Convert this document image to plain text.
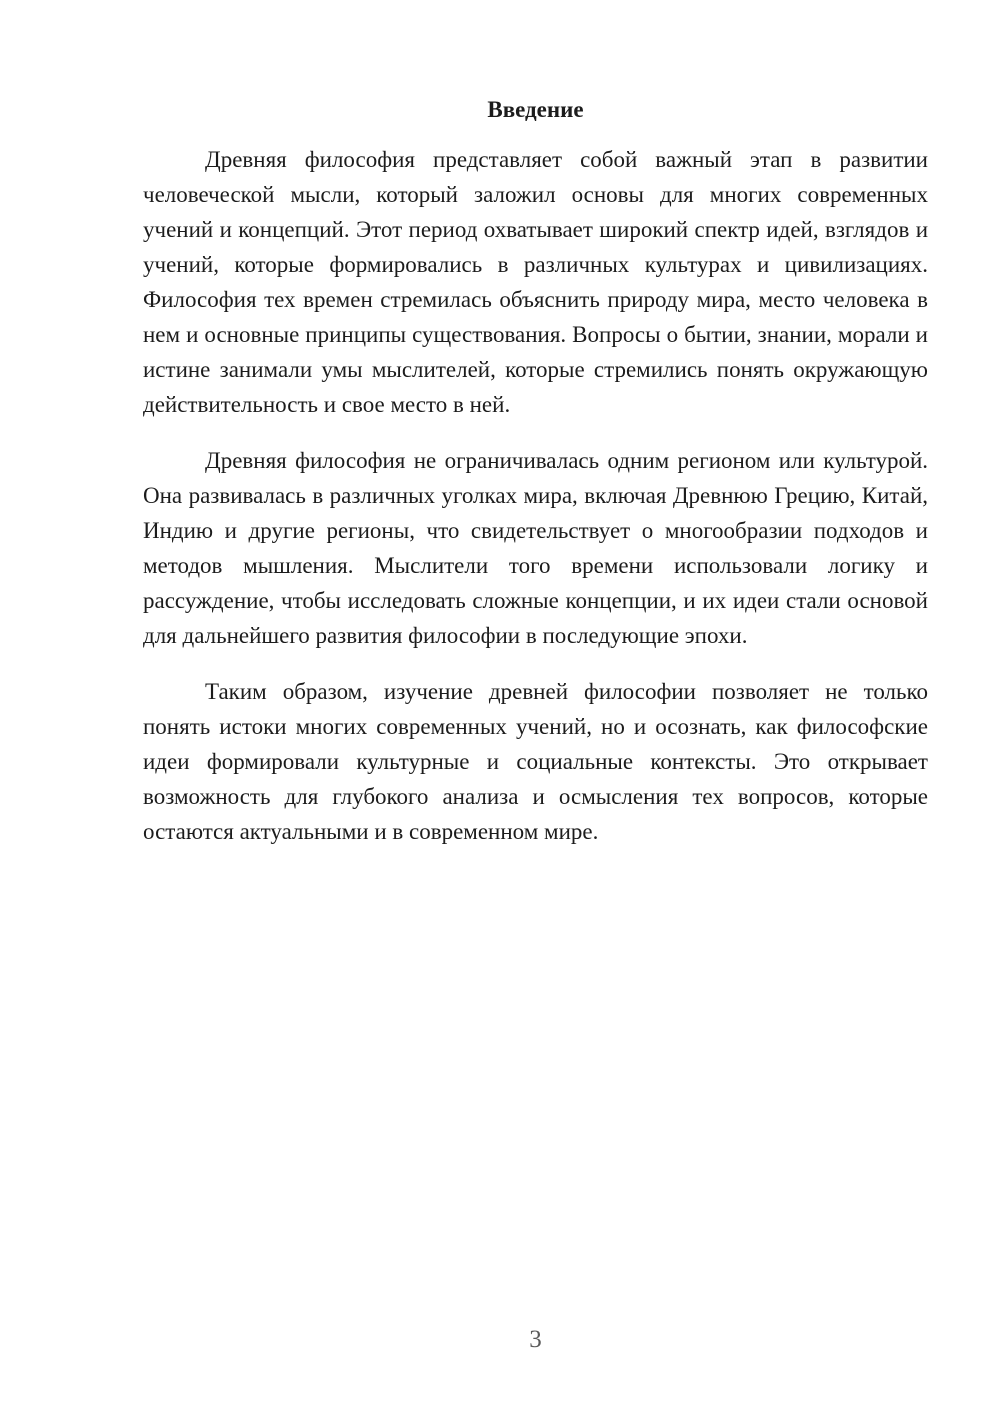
Введение

Древняя философия представляет собой важный этап в развитии человеческой мысли, который заложил основы для многих современных учений и концепций. Этот период охватывает широкий спектр идей, взглядов и учений, которые формировались в различных культурах и цивилизациях. Философия тех времен стремилась объяснить природу мира, место человека в нем и основные принципы существования. Вопросы о бытии, знании, морали и истине занимали умы мыслителей, которые стремились понять окружающую действительность и свое место в ней.

Древняя философия не ограничивалась одним регионом или культурой. Она развивалась в различных уголках мира, включая Древнюю Грецию, Китай, Индию и другие регионы, что свидетельствует о многообразии подходов и методов мышления. Мыслители того времени использовали логику и рассуждение, чтобы исследовать сложные концепции, и их идеи стали основой для дальнейшего развития философии в последующие эпохи.

Таким образом, изучение древней философии позволяет не только понять истоки многих современных учений, но и осознать, как философские идеи формировали культурные и социальные контексты. Это открывает возможность для глубокого анализа и осмысления тех вопросов, которые остаются актуальными и в современном мире.

3
